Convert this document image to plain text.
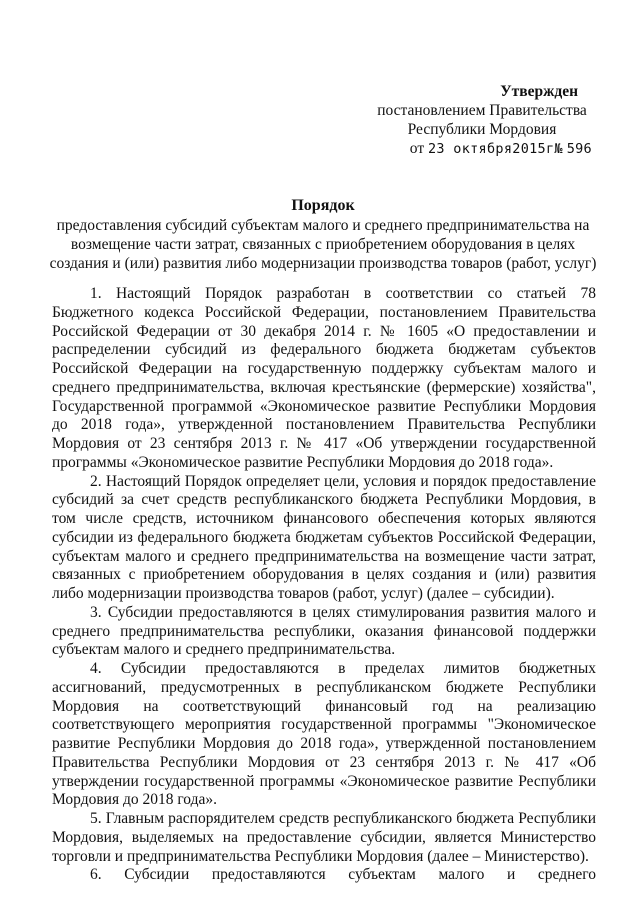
Утвержден
постановлением Правительства
Республики Мордовия
от 23 октября2015г№ 596
Порядок
предоставления субсидий субъектам малого и среднего предпринимательства на возмещение части затрат, связанных с приобретением оборудования в целях создания и (или) развития либо модернизации производства товаров (работ, услуг)

1. Настоящий Порядок разработан в соответствии со статьей 78 Бюджетного кодекса Российской Федерации, постановлением Правительства Российской Федерации от 30 декабря 2014 г. № 1605 «О предоставлении и распределении субсидий из федерального бюджета бюджетам субъектов Российской Федерации на государственную поддержку субъектам малого и среднего предпринимательства, включая крестьянские (фермерские) хозяйства", Государственной программой «Экономическое развитие Республики Мордовия до 2018 года», утвержденной постановлением Правительства Республики Мордовия от 23 сентября 2013 г. № 417 «Об утверждении государственной программы «Экономическое развитие Республики Мордовия до 2018 года».

2. Настоящий Порядок определяет цели, условия и порядок предоставление субсидий за счет средств республиканского бюджета Республики Мордовия, в том числе средств, источником финансового обеспечения которых являются субсидии из федерального бюджета бюджетам субъектов Российской Федерации, субъектам малого и среднего предпринимательства на возмещение части затрат, связанных с приобретением оборудования в целях создания и (или) развития либо модернизации производства товаров (работ, услуг) (далее – субсидии).

3. Субсидии предоставляются в целях стимулирования развития малого и среднего предпринимательства республики, оказания финансовой поддержки субъектам малого и среднего предпринимательства.

4. Субсидии предоставляются в пределах лимитов бюджетных ассигнований, предусмотренных в республиканском бюджете Республики Мордовия на соответствующий финансовый год на реализацию соответствующего мероприятия государственной программы "Экономическое развитие Республики Мордовия до 2018 года», утвержденной постановлением Правительства Республики Мордовия от 23 сентября 2013 г. № 417 «Об утверждении государственной программы «Экономическое развитие Республики Мордовия до 2018 года».

5. Главным распорядителем средств республиканского бюджета Республики Мордовия, выделяемых на предоставление субсидии, является Министерство торговли и предпринимательства Республики Мордовия (далее – Министерство).

6. Субсидии предоставляются субъектам малого и среднего
